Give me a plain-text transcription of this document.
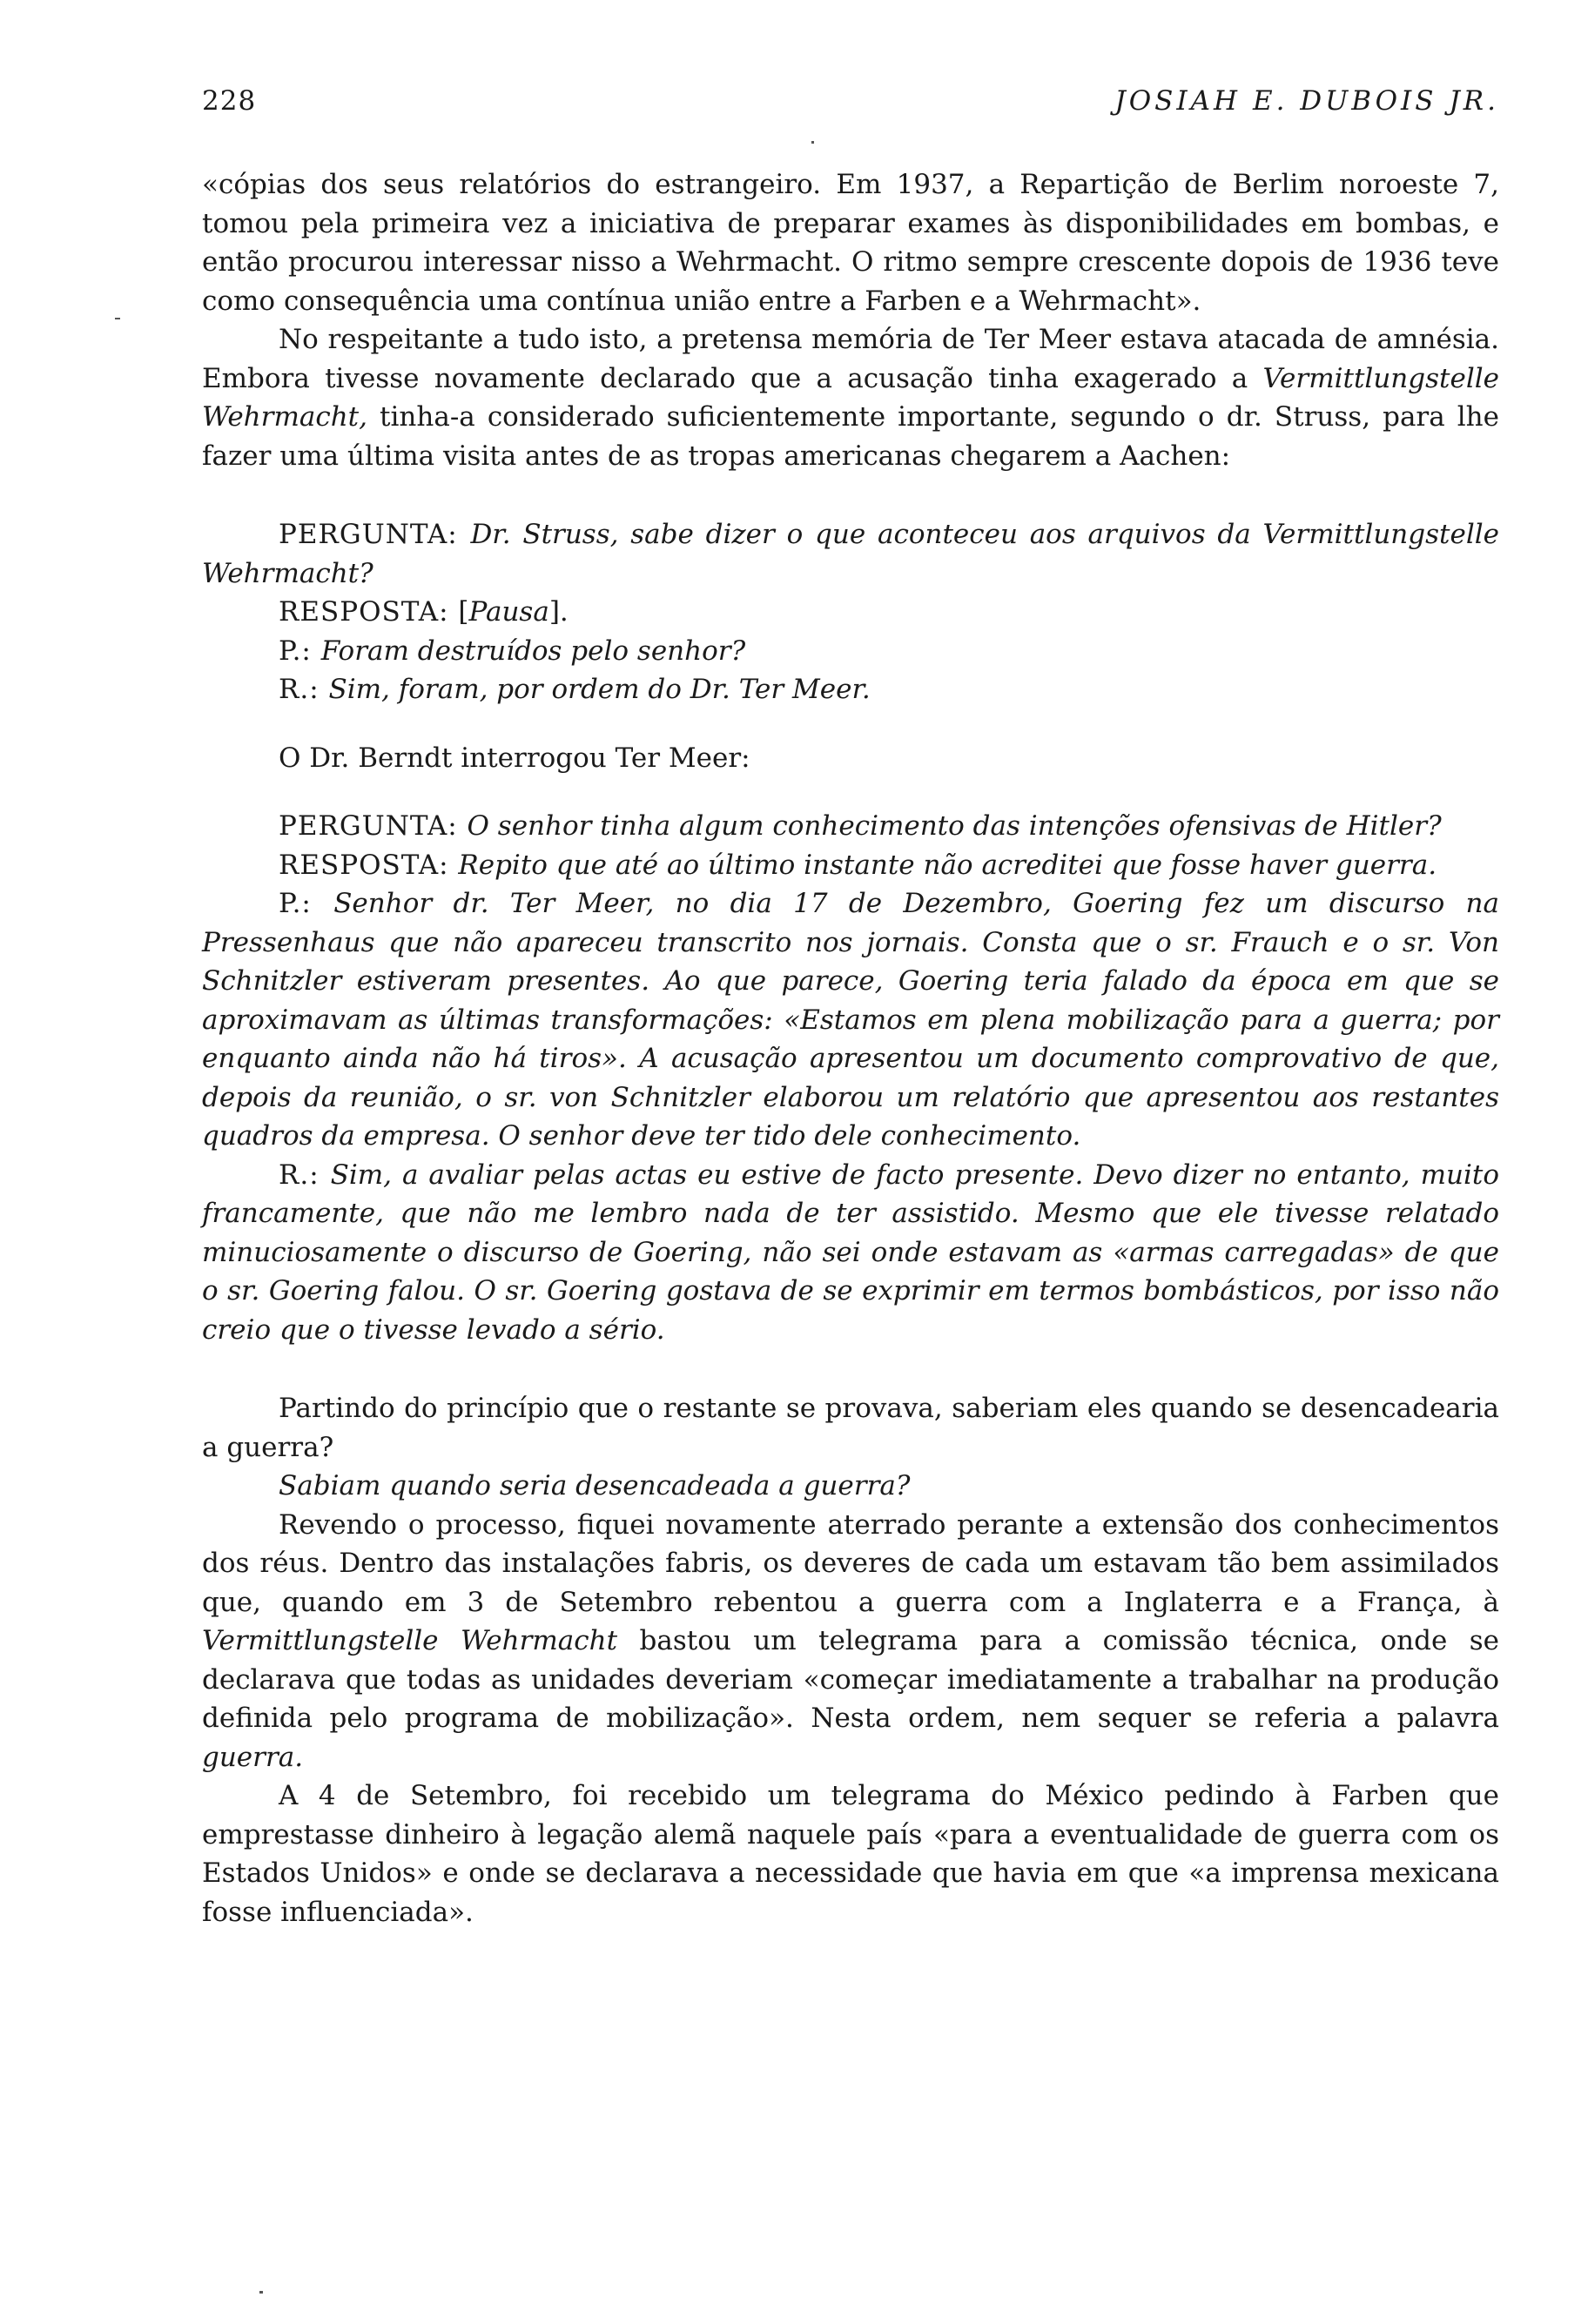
228	JOSIAH E. DUBOIS JR.

«cópias dos seus relatórios do estrangeiro. Em 1937, a Repartição de Berlim noroeste 7, tomou pela primeira vez a iniciativa de preparar exames às disponibilidades em bombas, e então procurou interessar nisso a Wehrmacht. O ritmo sempre crescente dopois de 1936 teve como consequência uma contínua união entre a Farben e a Wehrmacht».

No respeitante a tudo isto, a pretensa memória de Ter Meer estava atacada de amnésia. Embora tivesse novamente declarado que a acusação tinha exagerado a Vermittlungstelle Wehrmacht, tinha-a considerado suficientemente importante, segundo o dr. Struss, para lhe fazer uma última visita antes de as tropas americanas chegarem a Aachen:

PERGUNTA: Dr. Struss, sabe dizer o que aconteceu aos arquivos da Vermittlungstelle Wehrmacht?

RESPOSTA: [Pausa].

P.: Foram destruídos pelo senhor?

R.: Sim, foram, por ordem do Dr. Ter Meer.

O Dr. Berndt interrogou Ter Meer:

PERGUNTA: O senhor tinha algum conhecimento das intenções ofensivas de Hitler?

RESPOSTA: Repito que até ao último instante não acreditei que fosse haver guerra.

P.: Senhor dr. Ter Meer, no dia 17 de Dezembro, Goering fez um discurso na Pressenhaus que não apareceu transcrito nos jornais. Consta que o sr. Frauch e o sr. Von Schnitzler estiveram presentes. Ao que parece, Goering teria falado da época em que se aproximavam as últimas transformações: «Estamos em plena mobilização para a guerra; por enquanto ainda não há tiros». A acusação apresentou um documento comprovativo de que, depois da reunião, o sr. von Schnitzler elaborou um relatório que apresentou aos restantes quadros da empresa. O senhor deve ter tido dele conhecimento.

R.: Sim, a avaliar pelas actas eu estive de facto presente. Devo dizer no entanto, muito francamente, que não me lembro nada de ter assistido. Mesmo que ele tivesse relatado minuciosamente o discurso de Goering, não sei onde estavam as «armas carregadas» de que o sr. Goering falou. O sr. Goering gostava de se exprimir em termos bombásticos, por isso não creio que o tivesse levado a sério.

Partindo do princípio que o restante se provava, saberiam eles quando se desencadearia a guerra?

Sabiam quando seria desencadeada a guerra?

Revendo o processo, fiquei novamente aterrado perante a extensão dos conhecimentos dos réus. Dentro das instalações fabris, os deveres de cada um estavam tão bem assimilados que, quando em 3 de Setembro rebentou a guerra com a Inglaterra e a França, à Vermittlungstelle Wehrmacht bastou um telegrama para a comissão técnica, onde se declarava que todas as unidades deveriam «começar imediatamente a trabalhar na produção definida pelo programa de mobilização». Nesta ordem, nem sequer se referia a palavra guerra.

A 4 de Setembro, foi recebido um telegrama do México pedindo à Farben que emprestasse dinheiro à legação alemã naquele país «para a eventualidade de guerra com os Estados Unidos» e onde se declarava a necessidade que havia em que «a imprensa mexicana fosse influenciada».
